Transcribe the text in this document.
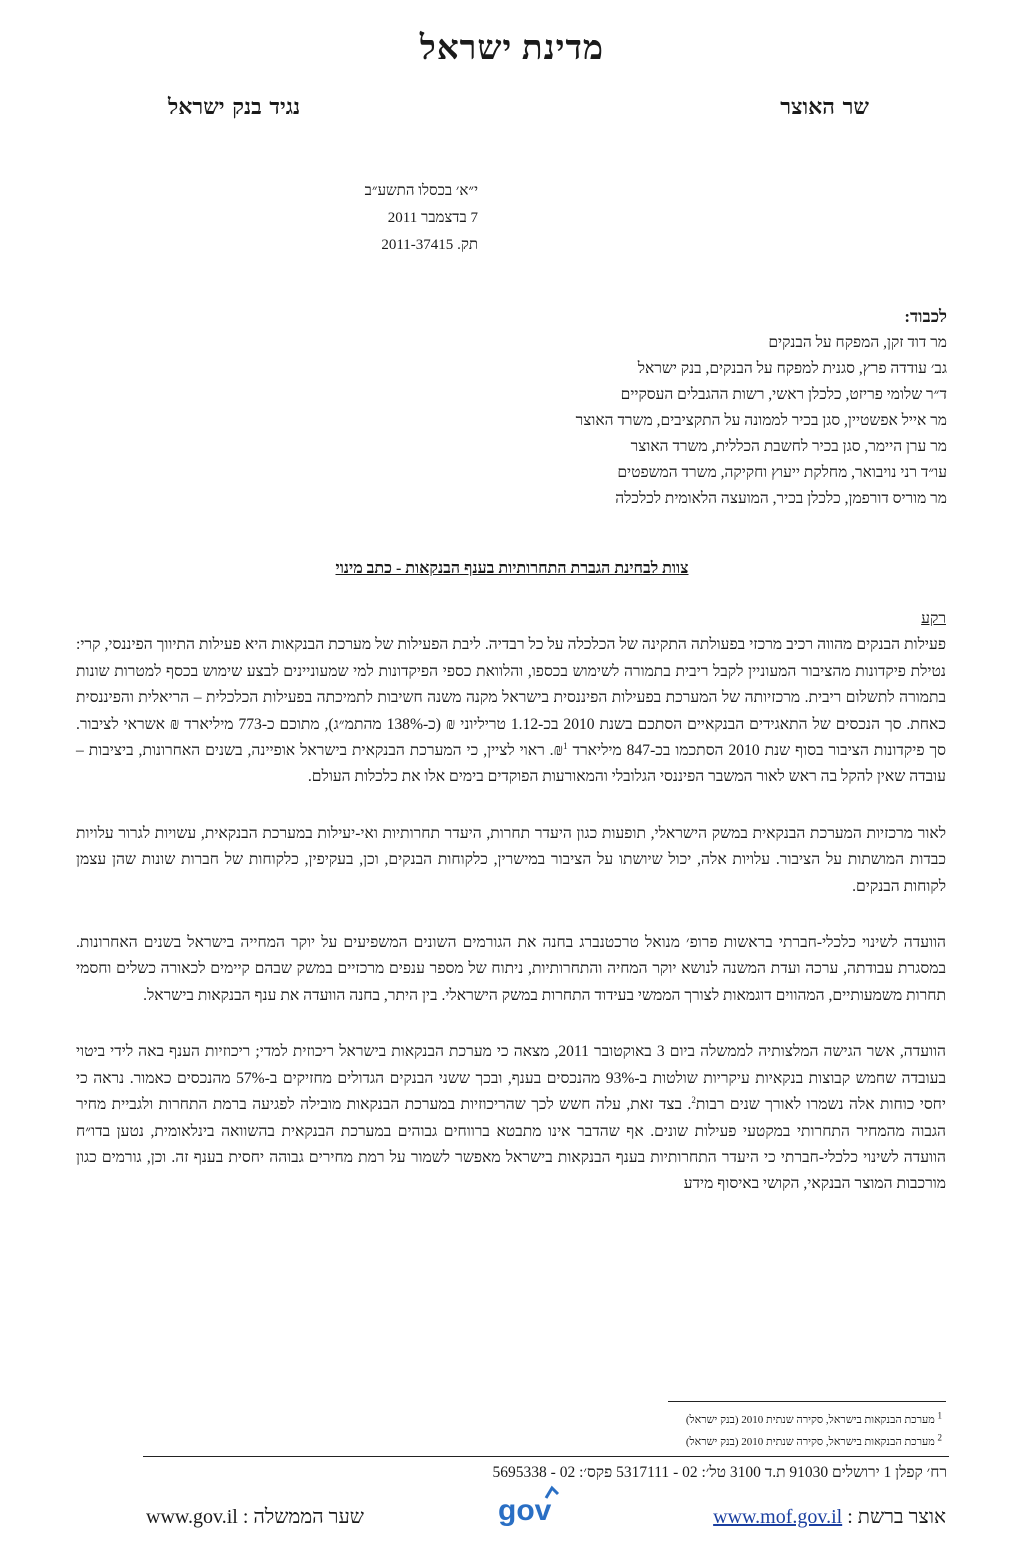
מדינת ישראל
שר האוצר
נגיד בנק ישראל
י״א׳ בכסלו התשע״ב
7 בדצמבר 2011
תק. 2011-37415
לכבוד:
מר דוד זקן, המפקח על הבנקים
גב׳ עודדה פרץ, סגנית למפקח על הבנקים, בנק ישראל
ד״ר שלומי פריזט, כלכלן ראשי, רשות ההגבלים העסקיים
מר אייל אפשטיין, סגן בכיר לממונה על התקציבים, משרד האוצר
מר ערן היימר, סגן בכיר לחשבת הכללית, משרד האוצר
עו״ד רני נויבואר, מחלקת ייעוץ וחקיקה, משרד המשפטים
מר מוריס דורפמן, כלכלן בכיר, המועצה הלאומית לכלכלה
צוות לבחינת הגברת התחרותיות בענף הבנקאות - כתב מינוי
רקע

פעילות הבנקים מהווה רכיב מרכזי בפעולתה התקינה של הכלכלה על כל רבדיה. ליבת הפעילות של מערכת הבנקאות היא פעילות התיווך הפיננסי, קרי: נטילת פיקדונות מהציבור המעוניין לקבל ריבית בתמורה לשימוש בכספו, והלוואת כספי הפיקדונות למי שמעוניינים לבצע שימוש בכסף למטרות שונות בתמורה לתשלום ריבית. מרכזיותה של המערכת בפעילות הפיננסית בישראל מקנה משנה חשיבות לתמיכתה בפעילות הכלכלית – הריאלית והפיננסית כאחת. סך הנכסים של התאגידים הבנקאיים הסתכם בשנת 2010 בכ-1.12 טריליוני ₪ (כ-138% מהתמ״ג), מתוכם כ-773 מיליארד ₪ אשראי לציבור. סך פיקדונות הציבור בסוף שנת 2010 הסתכמו בכ-847 מיליארד ₪$^1$. ראוי לציין, כי המערכת הבנקאית בישראל אופיינה, בשנים האחרונות, ביציבות – עובדה שאין להקל בה ראש לאור המשבר הפיננסי הגלובלי והמאורעות הפוקדים בימים אלו את כלכלות העולם.

לאור מרכזיות המערכת הבנקאית במשק הישראלי, תופעות כגון היעדר תחרות, היעדר תחרותיות ואי-יעילות במערכת הבנקאית, עשויות לגרור עלויות כבדות המושתות על הציבור. עלויות אלה, יכול שיושתו על הציבור במישרין, כלקוחות הבנקים, וכן, בעקיפין, כלקוחות של חברות שונות שהן עצמן לקוחות הבנקים.

הוועדה לשינוי כלכלי-חברתי בראשות פרופ׳ מנואל טרכטנברג בחנה את הגורמים השונים המשפיעים על יוקר המחייה בישראל בשנים האחרונות. במסגרת עבודתה, ערכה ועדת המשנה לנושא יוקר המחיה והתחרותיות, ניתוח של מספר ענפים מרכזיים במשק שבהם קיימים לכאורה כשלים וחסמי תחרות משמעותיים, המהווים דוגמאות לצורך הממשי בעידוד התחרות במשק הישראלי. בין היתר, בחנה הוועדה את ענף הבנקאות בישראל.

הוועדה, אשר הגישה המלצותיה לממשלה ביום 3 באוקטובר 2011, מצאה כי מערכת הבנקאות בישראל ריכוזית למדי; ריכוזיות הענף באה לידי ביטוי בעובדה שחמש קבוצות בנקאיות עיקריות שולטות ב-93% מהנכסים בענף, ובכך ששני הבנקים הגדולים מחזיקים ב-57% מהנכסים כאמור. נראה כי יחסי כוחות אלה נשמרו לאורך שנים רבות$^2$. בצד זאת, עלה חשש לכך שהריכוזיות במערכת הבנקאות מובילה לפגיעה ברמת התחרות ולגביית מחיר הגבוה מהמחיר התחרותי במקטעי פעילות שונים. אף שהדבר אינו מתבטא ברווחים גבוהים במערכת הבנקאית בהשוואה בינלאומית, נטען בדו״ח הוועדה לשינוי כלכלי-חברתי כי היעדר התחרותיות בענף הבנקאות בישראל מאפשר לשמור על רמת מחירים גבוהה יחסית בענף זה. וכן, גורמים כגון מורכבות המוצר הבנקאי, הקושי באיסוף מידע

$^1$ מערכת הבנקאות בישראל, סקירה שנתית 2010 (בנק ישראל)
$^2$ מערכת הבנקאות בישראל, סקירה שנתית 2010 (בנק ישראל)
רח׳ קפלן 1 ירושלים 91030 ת.ד 3100 טל׳: 02 - 5317111 פקס׳: 02 - 5695338
אוצר ברשת : www.mof.gov.il
שער הממשלה : www.gov.il	gov
